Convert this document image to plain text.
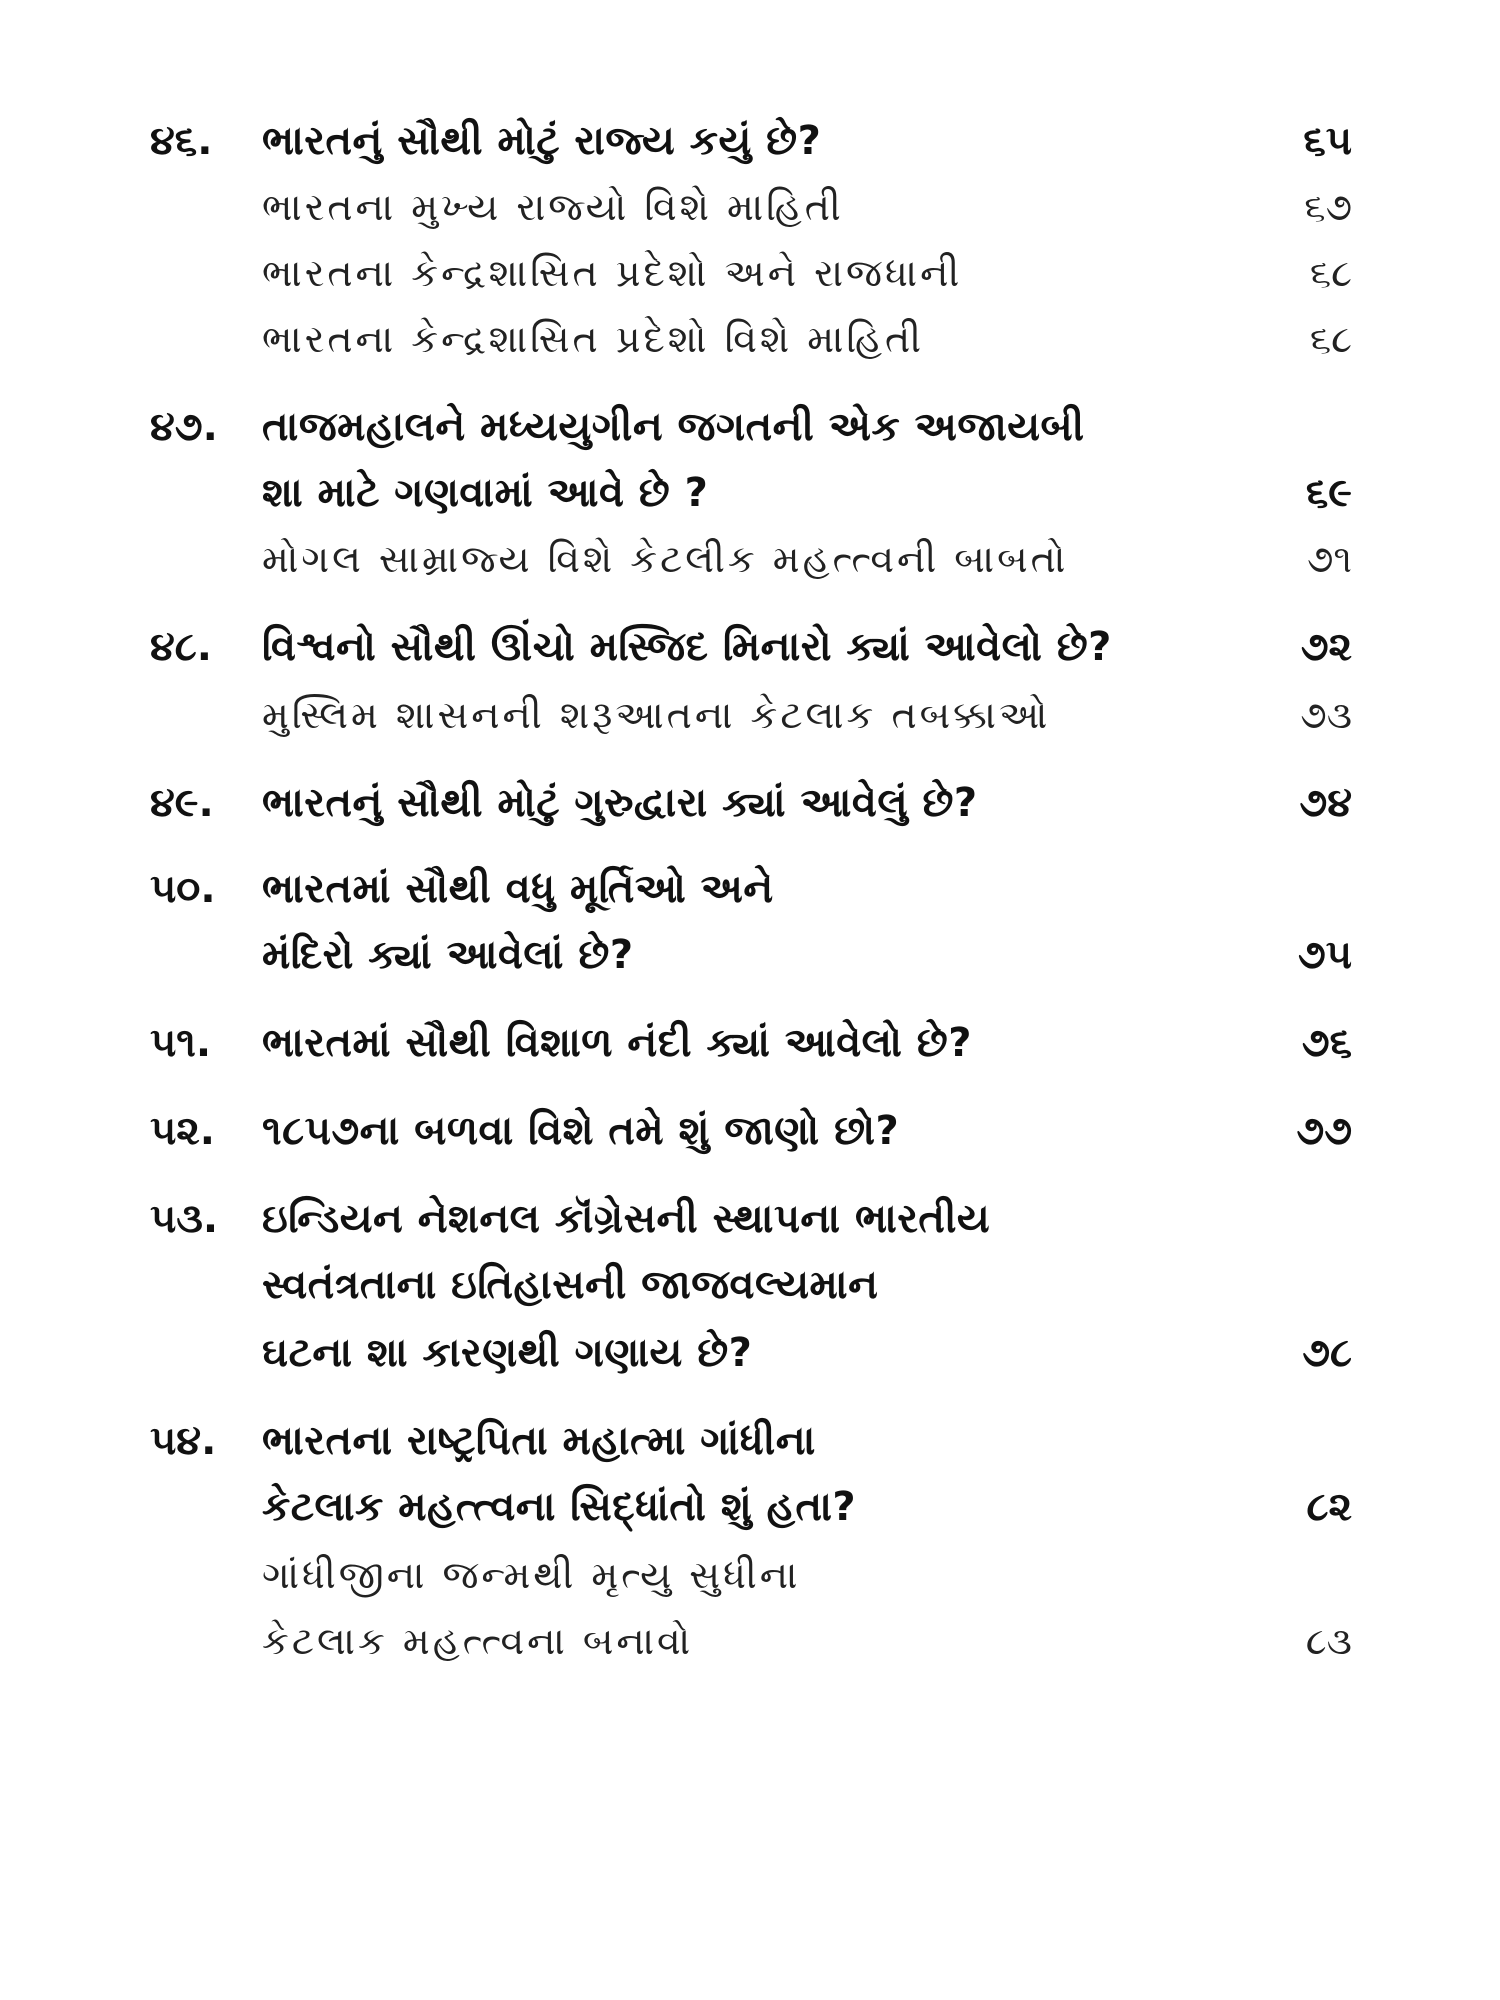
૪૬.	ભારતનું સૌથી મોટું રાજ્ય કયું છે?	૬૫
ભારતના મુખ્ય રાજ્યો વિશે માહિતી	૬૭
ભારતના કેન્દ્રશાસિત પ્રદેશો અને રાજધાની	૬૮
ભારતના કેન્દ્રશાસિત પ્રદેશો વિશે માહિતી	૬૮
૪૭.	તાજમહાલને મધ્યયુગીન જગતની એક અજાયબી
શા માટે ગણવામાં આવે છે ?	૬૯
મોગલ સામ્રાજ્ય વિશે કેટલીક મહત્ત્વની બાબતો	૭૧
૪૮.	વિશ્વનો સૌથી ઊંચો મસ્જિદ મિનારો ક્યાં આવેલો છે?	૭૨
મુસ્લિમ શાસનની શરૂઆતના કેટલાક તબક્કાઓ	૭૩
૪૯.	ભારતનું સૌથી મોટું ગુરુદ્વારા ક્યાં આવેલું છે?	૭૪
૫૦.	ભારતમાં સૌથી વધુ મૂર્તિઓ અને
મંદિરો ક્યાં આવેલાં છે?	૭૫
૫૧.	ભારતમાં સૌથી વિશાળ નંદી ક્યાં આવેલો છે?	૭૬
૫૨.	૧૮૫૭ના બળવા વિશે તમે શું જાણો છો?	૭૭
૫૩.	ઇન્ડિયન નેશનલ કૉંગ્રેસની સ્થાપના ભારતીય
સ્વતંત્રતાના ઇતિહાસની જાજવલ્યમાન
ઘટના શા કારણથી ગણાય છે?	૭૮
૫૪.	ભારતના રાષ્ટ્રપિતા મહાત્મા ગાંધીના
કેટલાક મહત્ત્વના સિદ્ધાંતો શું હતા?	૮૨
ગાંધીજીના જન્મથી મૃત્યુ સુધીના
કેટલાક મહત્ત્વના બનાવો	૮૩
